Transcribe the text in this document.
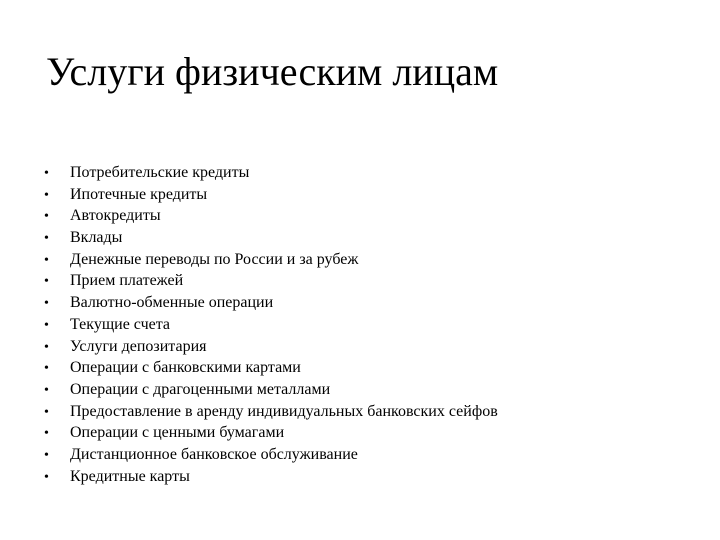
Услуги физическим лицам
•	Потребительские кредиты
•	Ипотечные кредиты
•	Автокредиты
•	Вклады
•	Денежные переводы по России и за рубеж
•	Прием платежей
•	Валютно-обменные операции
•	Текущие счета
•	Услуги депозитария
•	Операции с банковскими картами
•	Операции с драгоценными металлами
•	Предоставление в аренду индивидуальных банковских сейфов
•	Операции с ценными бумагами
•	Дистанционное банковское обслуживание
•	Кредитные карты
